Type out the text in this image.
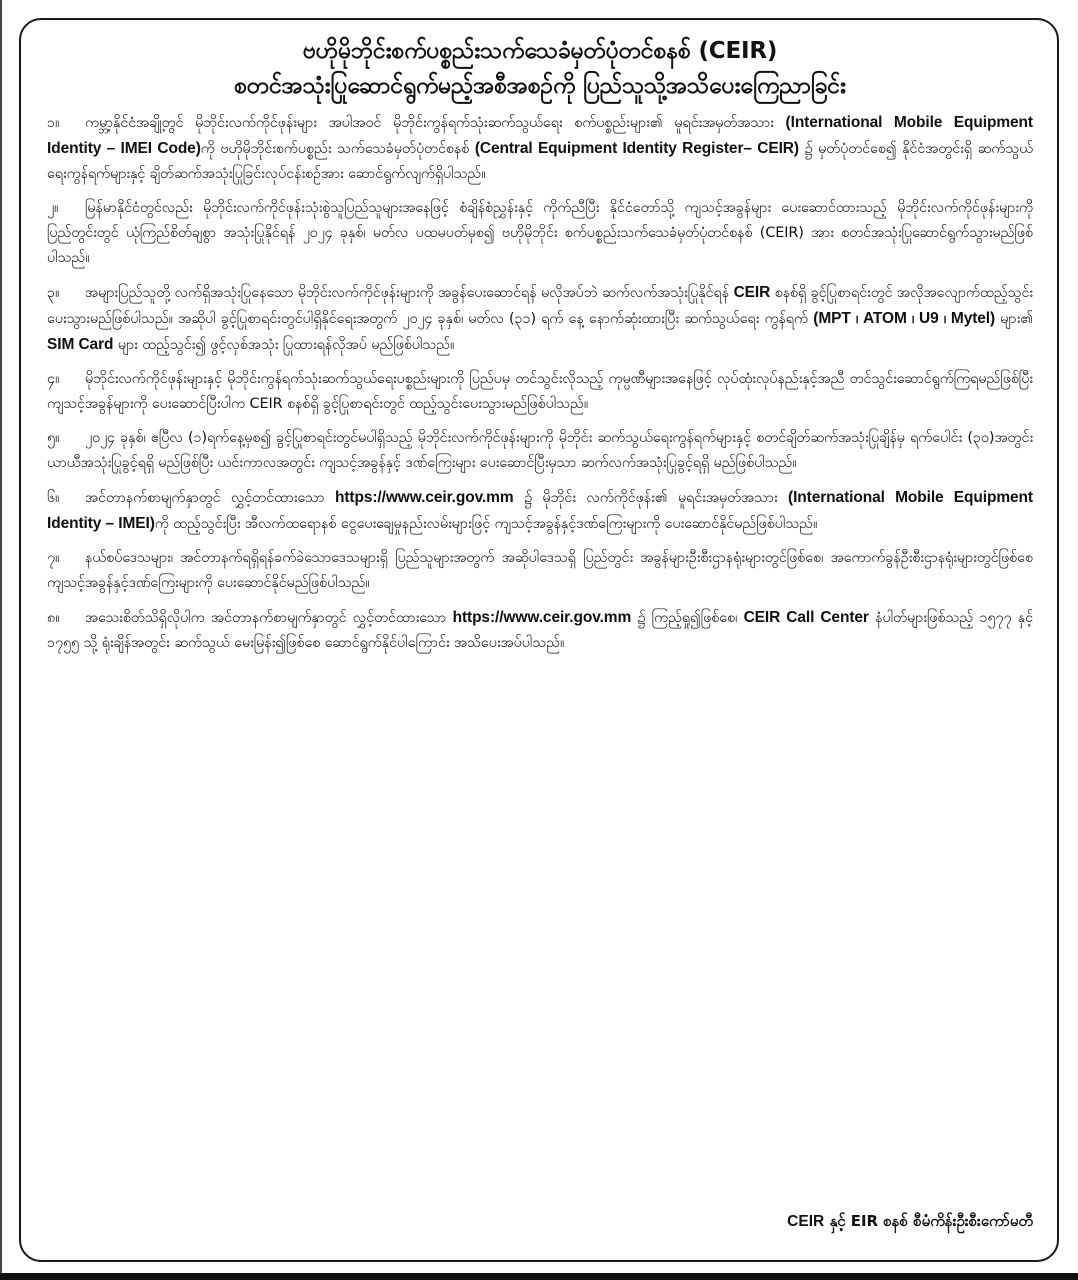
ဗဟိုမိုဘိုင်းစက်ပစ္စည်းသက်သေခံမှတ်ပုံတင်စနစ် (CEIR)
စတင်အသုံးပြုဆောင်ရွက်မည့်အစီအစဉ်ကို ပြည်သူသို့အသိပေးကြေညာခြင်း

၁။ ကမ္ဘာ့နိုင်ငံအချို့တွင် မိုဘိုင်းလက်ကိုင်ဖုန်းများ အပါအဝင် မိုဘိုင်းကွန်ရက်သုံးဆက်သွယ်ရေး စက်ပစ္စည်းများ၏ မူရင်းအမှတ်အသား (International Mobile Equipment Identity – IMEI Code)ကို ဗဟိုမိုဘိုင်းစက်ပစ္စည်း သက်သေခံမှတ်ပုံတင်စနစ် (Central Equipment Identity Register– CEIR) ၌ မှတ်ပုံတင်စေ၍ နိုင်ငံအတွင်းရှိ ဆက်သွယ်ရေးကွန်ရက်များနှင့် ချိတ်ဆက်အသုံးပြုခြင်းလုပ်ငန်းစဉ်အား ဆောင်ရွက်လျက်ရှိပါသည်။

၂။ မြန်မာနိုင်ငံတွင်လည်း မိုဘိုင်းလက်ကိုင်ဖုန်းသုံးစွဲသူပြည်သူများအနေဖြင့် စံချိန်စံညွှန်းနှင့် ကိုက်ညီပြီး နိုင်ငံတော်သို့ ကျသင့်အခွန်များ ပေးဆောင်ထားသည့် မိုဘိုင်းလက်ကိုင်ဖုန်းများကို ပြည်တွင်းတွင် ယုံကြည်စိတ်ချစွာ အသုံးပြုနိုင်ရန် ၂၀၂၄ ခုနှစ်၊ မတ်လ ပထမပတ်မှစ၍ ဗဟိုမိုဘိုင်း စက်ပစ္စည်းသက်သေခံမှတ်ပုံတင်စနစ် (CEIR) အား စတင်အသုံးပြုဆောင်ရွက်သွားမည်ဖြစ်ပါသည်။

၃။ အများပြည်သူတို့ လက်ရှိအသုံးပြုနေသော မိုဘိုင်းလက်ကိုင်ဖုန်းများကို အခွန်ပေးဆောင်ရန် မလိုအပ်ဘဲ ဆက်လက်အသုံးပြုနိုင်ရန် CEIR စနစ်ရှိ ခွင့်ပြုစာရင်းတွင် အလိုအလျောက်ထည့်သွင်း ပေးသွားမည်ဖြစ်ပါသည်။ အဆိုပါ ခွင့်ပြုစာရင်းတွင်ပါရှိနိုင်ရေးအတွက် ၂၀၂၄ ခုနှစ်၊ မတ်လ (၃၁) ရက် နေ့ နောက်ဆုံးထားပြီး ဆက်သွယ်ရေး ကွန်ရက် (MPT ၊ ATOM ၊ U9 ၊ Mytel) များ၏ SIM Card များ ထည့်သွင်း၍ ဖွင့်လှစ်အသုံး ပြုထားရန်လိုအပ် မည်ဖြစ်ပါသည်။

၄။ မိုဘိုင်းလက်ကိုင်ဖုန်းများနှင့် မိုဘိုင်းကွန်ရက်သုံးဆက်သွယ်ရေးပစ္စည်းများကို ပြည်ပမှ တင်သွင်းလိုသည့် ကုမ္ပဏီများအနေဖြင့် လုပ်ထုံးလုပ်နည်းနှင့်အညီ တင်သွင်းဆောင်ရွက်ကြရမည်ဖြစ်ပြီး ကျသင့်အခွန်များကို ပေးဆောင်ပြီးပါက CEIR စနစ်ရှိ ခွင့်ပြုစာရင်းတွင် ထည့်သွင်းပေးသွားမည်ဖြစ်ပါသည်။

၅။ ၂၀၂၄ ခုနှစ်၊ ဧပြီလ (၁)ရက်နေ့မှစ၍ ခွင့်ပြုစာရင်းတွင်မပါရှိသည့် မိုဘိုင်းလက်ကိုင်ဖုန်းများကို မိုဘိုင်း ဆက်သွယ်ရေးကွန်ရက်များနှင့် စတင်ချိတ်ဆက်အသုံးပြုချိန်မှ ရက်ပေါင်း (၃၀)အတွင်း ယာယီအသုံးပြုခွင့်ရရှိ မည်ဖြစ်ပြီး ယင်းကာလအတွင်း ကျသင့်အခွန်နှင့် ဒဏ်ကြေးများ ပေးဆောင်ပြီးမှသာ ဆက်လက်အသုံးပြုခွင့်ရရှိ မည်ဖြစ်ပါသည်။

၆။ အင်တာနက်စာမျက်နှာတွင် လွှင့်တင်ထားသော https://www.ceir.gov.mm ၌ မိုဘိုင်း လက်ကိုင်ဖုန်း၏ မူရင်းအမှတ်အသား (International Mobile Equipment Identity – IMEI)ကို ထည့်သွင်းပြီး အီလက်ထရောနစ် ငွေပေးချေမှုနည်းလမ်းများဖြင့် ကျသင့်အခွန်နှင့်ဒဏ်ကြေးများကို ပေးဆောင်နိုင်မည်ဖြစ်ပါသည်။

၇။ နယ်စပ်ဒေသများ၊ အင်တာနက်ရရှိရန်ခက်ခဲသောဒေသများရှိ ပြည်သူများအတွက် အဆိုပါဒေသရှိ ပြည်တွင်း အခွန်များဦးစီးဌာနရုံးများတွင်ဖြစ်စေ၊ အကောက်ခွန်ဦးစီးဌာနရုံးများတွင်ဖြစ်စေ ကျသင့်အခွန်နှင့်ဒဏ်ကြေးများကို ပေးဆောင်နိုင်မည်ဖြစ်ပါသည်။

၈။ အသေးစိတ်သိရှိလိုပါက အင်တာနက်စာမျက်နှာတွင် လွှင့်တင်ထားသော https://www.ceir.gov.mm ၌ ကြည့်ရှု၍ဖြစ်စေ၊ CEIR Call Center နံပါတ်များဖြစ်သည့် ၁၅၇၇ နှင့် ၁၇၅၅ သို့ ရုံးချိန်အတွင်း ဆက်သွယ် မေးမြန်း၍ဖြစ်စေ ဆောင်ရွက်နိုင်ပါကြောင်း အသိပေးအပ်ပါသည်။

CEIR နှင့် EIR စနစ် စီမံကိန်းဦးစီးကော်မတီ
